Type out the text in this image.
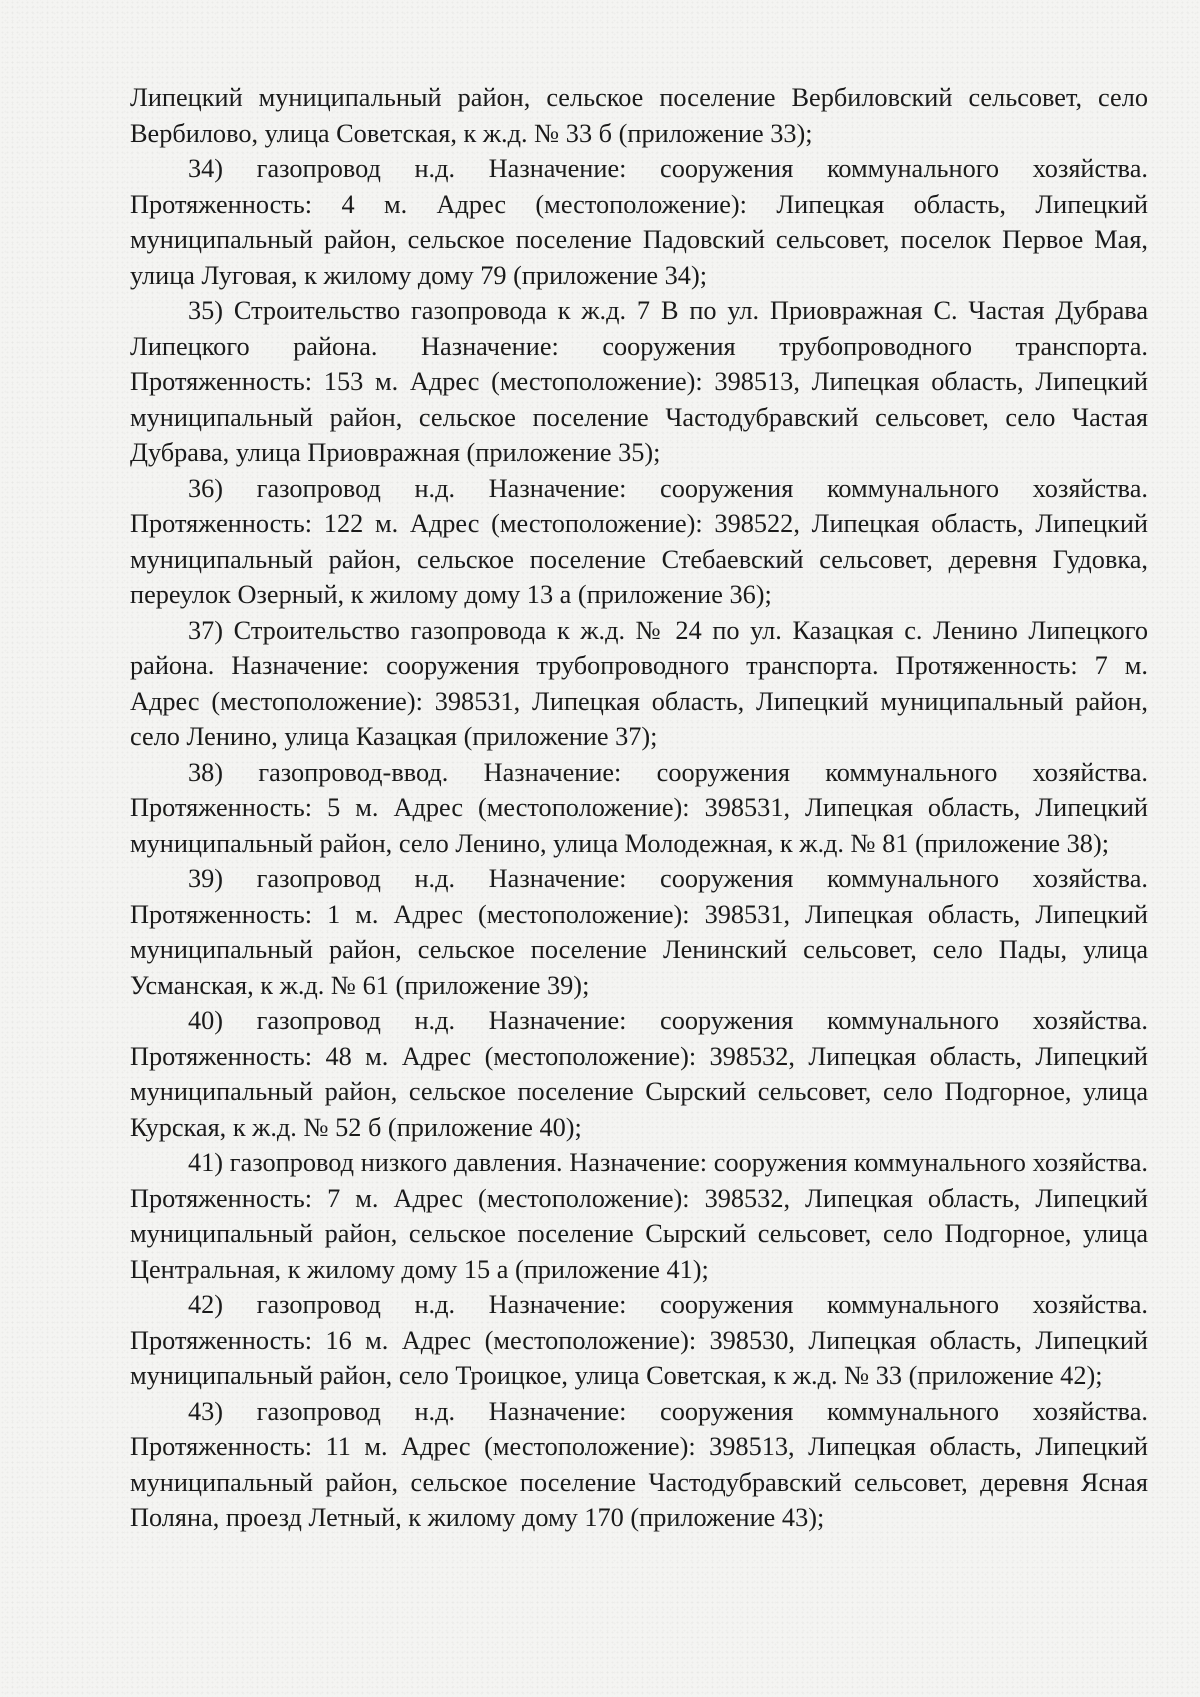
Липецкий муниципальный район, сельское поселение Вербиловский сельсовет, село Вербилово, улица Советская, к ж.д. № 33 б (приложение 33);

34) газопровод н.д. Назначение: сооружения коммунального хозяйства. Протяженность: 4 м. Адрес (местоположение): Липецкая область, Липецкий муниципальный район, сельское поселение Падовский сельсовет, поселок Первое Мая, улица Луговая, к жилому дому 79 (приложение 34);

35) Строительство газопровода к ж.д. 7 В по ул. Приовражная С. Частая Дубрава Липецкого района. Назначение: сооружения трубопроводного транспорта. Протяженность: 153 м. Адрес (местоположение): 398513, Липецкая область, Липецкий муниципальный район, сельское поселение Частодубравский сельсовет, село Частая Дубрава, улица Приовражная (приложение 35);

36) газопровод н.д. Назначение: сооружения коммунального хозяйства. Протяженность: 122 м. Адрес (местоположение): 398522, Липецкая область, Липецкий муниципальный район, сельское поселение Стебаевский сельсовет, деревня Гудовка, переулок Озерный, к жилому дому 13 а (приложение 36);

37) Строительство газопровода к ж.д. № 24 по ул. Казацкая с. Ленино Липецкого района. Назначение: сооружения трубопроводного транспорта. Протяженность: 7 м. Адрес (местоположение): 398531, Липецкая область, Липецкий муниципальный район, село Ленино, улица Казацкая (приложение 37);

38) газопровод-ввод. Назначение: сооружения коммунального хозяйства. Протяженность: 5 м. Адрес (местоположение): 398531, Липецкая область, Липецкий муниципальный район, село Ленино, улица Молодежная, к ж.д. № 81 (приложение 38);

39) газопровод н.д. Назначение: сооружения коммунального хозяйства. Протяженность: 1 м. Адрес (местоположение): 398531, Липецкая область, Липецкий муниципальный район, сельское поселение Ленинский сельсовет, село Пады, улица Усманская, к ж.д. № 61 (приложение 39);

40) газопровод н.д. Назначение: сооружения коммунального хозяйства. Протяженность: 48 м. Адрес (местоположение): 398532, Липецкая область, Липецкий муниципальный район, сельское поселение Сырский сельсовет, село Подгорное, улица Курская, к ж.д. № 52 б (приложение 40);

41) газопровод низкого давления. Назначение: сооружения коммунального хозяйства. Протяженность: 7 м. Адрес (местоположение): 398532, Липецкая область, Липецкий муниципальный район, сельское поселение Сырский сельсовет, село Подгорное, улица Центральная, к жилому дому 15 а (приложение 41);

42) газопровод н.д. Назначение: сооружения коммунального хозяйства. Протяженность: 16 м. Адрес (местоположение): 398530, Липецкая область, Липецкий муниципальный район, село Троицкое, улица Советская, к ж.д. № 33 (приложение 42);

43) газопровод н.д. Назначение: сооружения коммунального хозяйства. Протяженность: 11 м. Адрес (местоположение): 398513, Липецкая область, Липецкий муниципальный район, сельское поселение Частодубравский сельсовет, деревня Ясная Поляна, проезд Летный, к жилому дому 170 (приложение 43);
